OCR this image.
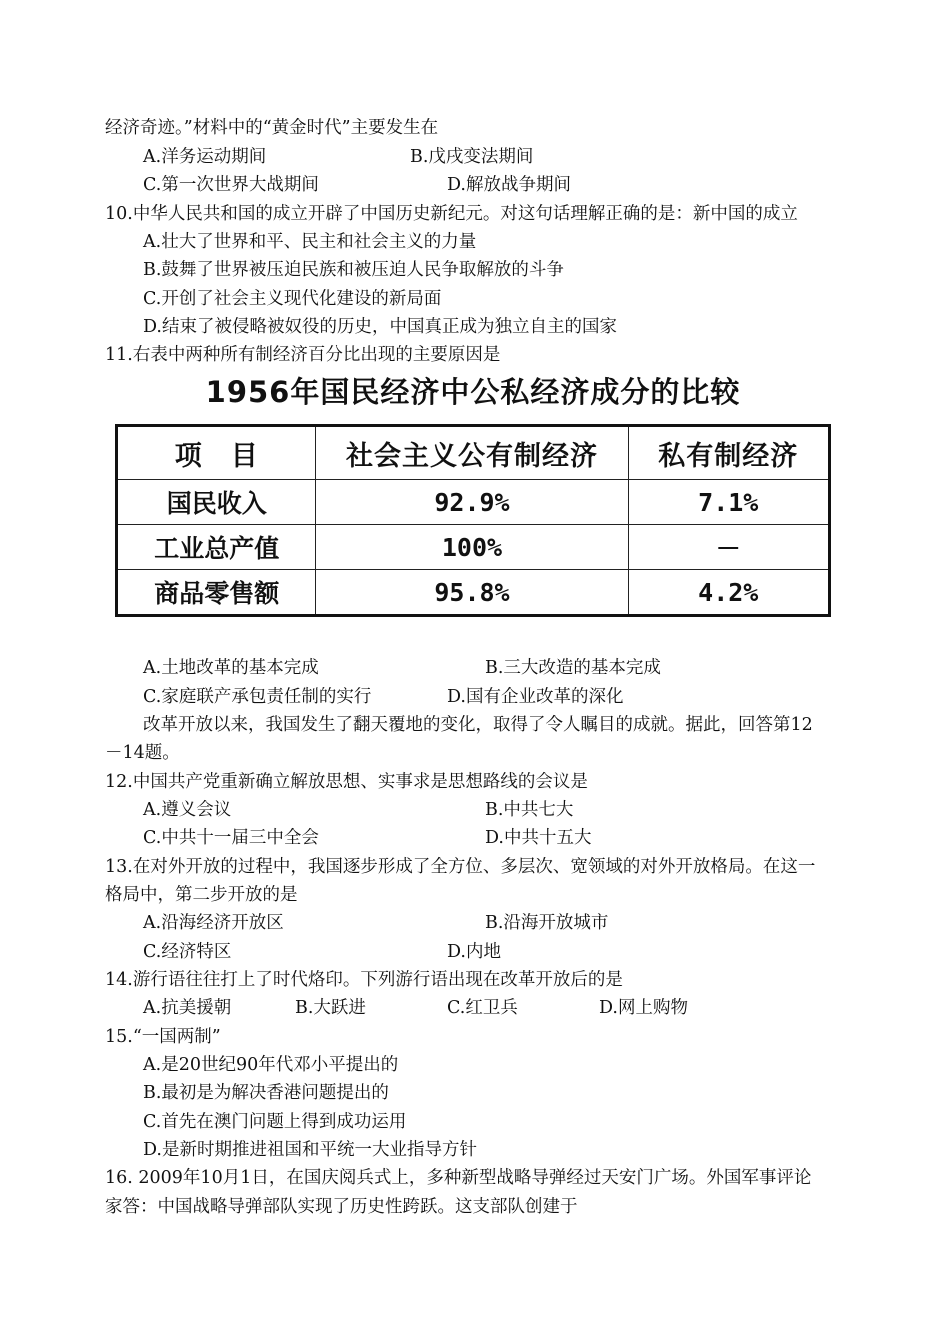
经济奇迹。”材料中的“黄金时代”主要发生在
A.洋务运动期间	B.戊戌变法期间
C.第一次世界大战期间	D.解放战争期间
10.中华人民共和国的成立开辟了中国历史新纪元。对这句话理解正确的是：新中国的成立
A.壮大了世界和平、民主和社会主义的力量
B.鼓舞了世界被压迫民族和被压迫人民争取解放的斗争
C.开创了社会主义现代化建设的新局面
D.结束了被侵略被奴役的历史，中国真正成为独立自主的国家
11.右表中两种所有制经济百分比出现的主要原因是
1956年国民经济中公私经济成分的比较
项　目	社会主义公有制经济	私有制经济
国民收入	92.9%	7.1%
工业总产值	100%	－
商品零售额	95.8%	4.2%
A.土地改革的基本完成	B.三大改造的基本完成
C.家庭联产承包责任制的实行	D.国有企业改革的深化
改革开放以来，我国发生了翻天覆地的变化，取得了令人瞩目的成就。据此，回答第12
－14题。
12.中国共产党重新确立解放思想、实事求是思想路线的会议是
A.遵义会议	B.中共七大
C.中共十一届三中全会	D.中共十五大
13.在对外开放的过程中，我国逐步形成了全方位、多层次、宽领域的对外开放格局。在这一
格局中，第二步开放的是
A.沿海经济开放区	B.沿海开放城市
C.经济特区	D.内地
14.游行语往往打上了时代烙印。下列游行语出现在改革开放后的是
A.抗美援朝	B.大跃进	C.红卫兵	D.网上购物
15.“一国两制”
A.是20世纪90年代邓小平提出的
B.最初是为解决香港问题提出的
C.首先在澳门问题上得到成功运用
D.是新时期推进祖国和平统一大业指导方针
16. 2009年10月1日，在国庆阅兵式上，多种新型战略导弹经过天安门广场。外国军事评论
家答：中国战略导弹部队实现了历史性跨跃。这支部队创建于
